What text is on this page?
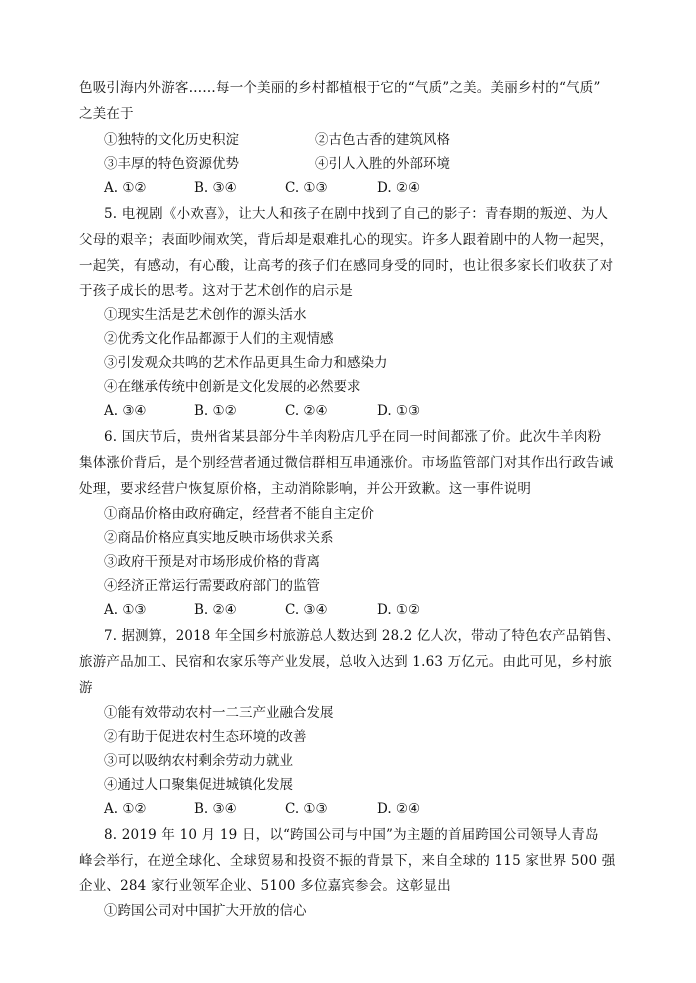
色吸引海内外游客……每一个美丽的乡村都植根于它的“气质”之美。美丽乡村的“气质”
之美在于
①独特的文化历史积淀	②古色古香的建筑风格
③丰厚的特色资源优势	④引人入胜的外部环境
A. ①②	B. ③④	C. ①③	D. ②④
5. 电视剧《小欢喜》，让大人和孩子在剧中找到了自己的影子：青春期的叛逆、为人
父母的艰辛；表面吵闹欢笑，背后却是艰难扎心的现实。许多人跟着剧中的人物一起哭，
一起笑，有感动，有心酸，让高考的孩子们在感同身受的同时，也让很多家长们收获了对
于孩子成长的思考。这对于艺术创作的启示是
①现实生活是艺术创作的源头活水
②优秀文化作品都源于人们的主观情感
③引发观众共鸣的艺术作品更具生命力和感染力
④在继承传统中创新是文化发展的必然要求
A. ③④	B. ①②	C. ②④	D. ①③
6. 国庆节后，贵州省某县部分牛羊肉粉店几乎在同一时间都涨了价。此次牛羊肉粉
集体涨价背后，是个别经营者通过微信群相互串通涨价。市场监管部门对其作出行政告诫
处理，要求经营户恢复原价格，主动消除影响，并公开致歉。这一事件说明
①商品价格由政府确定，经营者不能自主定价
②商品价格应真实地反映市场供求关系
③政府干预是对市场形成价格的背离
④经济正常运行需要政府部门的监管
A. ①③	B. ②④	C. ③④	D. ①②
7. 据测算，2018 年全国乡村旅游总人数达到 28.2 亿人次，带动了特色农产品销售、
旅游产品加工、民宿和农家乐等产业发展，总收入达到 1.63 万亿元。由此可见，乡村旅
游
①能有效带动农村一二三产业融合发展
②有助于促进农村生态环境的改善
③可以吸纳农村剩余劳动力就业
④通过人口聚集促进城镇化发展
A. ①②	B. ③④	C. ①③	D. ②④
8. 2019 年 10 月 19 日，以“跨国公司与中国”为主题的首届跨国公司领导人青岛
峰会举行，在逆全球化、全球贸易和投资不振的背景下，来自全球的 115 家世界 500 强
企业、284 家行业领军企业、5100 多位嘉宾参会。这彰显出
①跨国公司对中国扩大开放的信心
